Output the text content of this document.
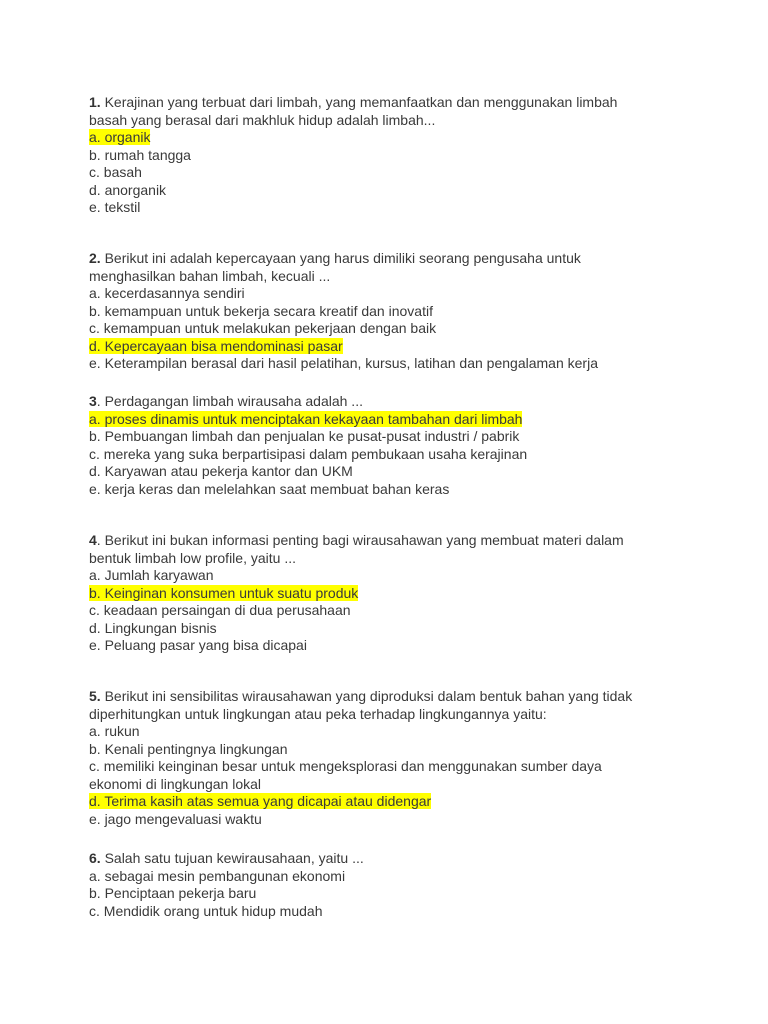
1. Kerajinan yang terbuat dari limbah, yang memanfaatkan dan menggunakan limbah
basah yang berasal dari makhluk hidup adalah limbah...
a. organik
b. rumah tangga
c. basah
d. anorganik
e. tekstil
2. Berikut ini adalah kepercayaan yang harus dimiliki seorang pengusaha untuk
menghasilkan bahan limbah, kecuali ...
a. kecerdasannya sendiri
b. kemampuan untuk bekerja secara kreatif dan inovatif
c. kemampuan untuk melakukan pekerjaan dengan baik
d. Kepercayaan bisa mendominasi pasar
e. Keterampilan berasal dari hasil pelatihan, kursus, latihan dan pengalaman kerja
3. Perdagangan limbah wirausaha adalah ...
a. proses dinamis untuk menciptakan kekayaan tambahan dari limbah
b. Pembuangan limbah dan penjualan ke pusat-pusat industri / pabrik
c. mereka yang suka berpartisipasi dalam pembukaan usaha kerajinan
d. Karyawan atau pekerja kantor dan UKM
e. kerja keras dan melelahkan saat membuat bahan keras
4. Berikut ini bukan informasi penting bagi wirausahawan yang membuat materi dalam
bentuk limbah low profile, yaitu ...
a. Jumlah karyawan
b. Keinginan konsumen untuk suatu produk
c. keadaan persaingan di dua perusahaan
d. Lingkungan bisnis
e. Peluang pasar yang bisa dicapai
5. Berikut ini sensibilitas wirausahawan yang diproduksi dalam bentuk bahan yang tidak
diperhitungkan untuk lingkungan atau peka terhadap lingkungannya yaitu:
a. rukun
b. Kenali pentingnya lingkungan
c. memiliki keinginan besar untuk mengeksplorasi dan menggunakan sumber daya
ekonomi di lingkungan lokal
d. Terima kasih atas semua yang dicapai atau didengar
e. jago mengevaluasi waktu
6. Salah satu tujuan kewirausahaan, yaitu ...
a. sebagai mesin pembangunan ekonomi
b. Penciptaan pekerja baru
c. Mendidik orang untuk hidup mudah
